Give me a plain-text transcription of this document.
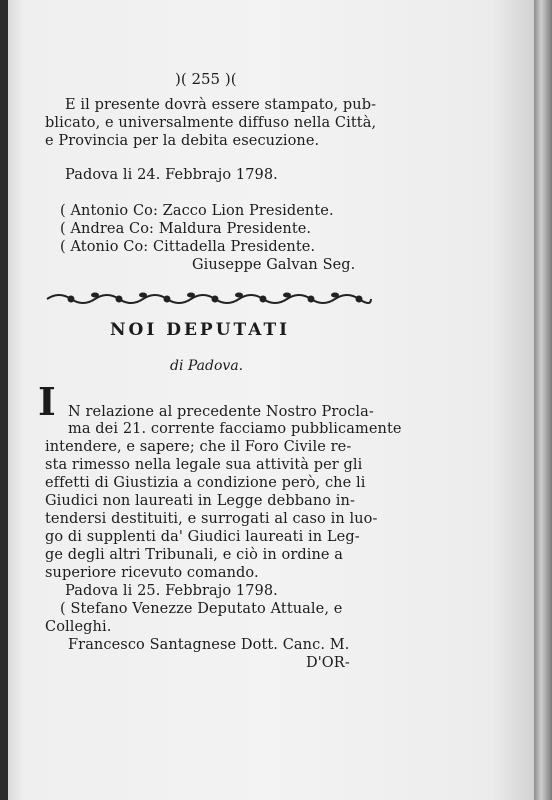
)( 255 )(
E il presente dovrà essere stampato, pub-
blicato, e universalmente diffuso nella Città,
e Provincia per la debita esecuzione.
Padova li 24. Febbrajo 1798.
( Antonio Co: Zacco Lion Presidente.
( Andrea Co: Maldura Presidente.
( Atonio Co: Cittadella Presidente.
Giuseppe Galvan Seg.
NOI DEPUTATI
di Padova.
I N relazione al precedente Nostro Procla-
ma dei 21. corrente facciamo pubblicamente
intendere, e sapere; che il Foro Civile re-
sta rimesso nella legale sua attività per gli
effetti di Giustizia a condizione però, che li
Giudici non laureati in Legge debbano in-
tendersi destituiti, e surrogati al caso in luo-
go di supplenti da' Giudici laureati in Leg-
ge degli altri Tribunali, e ciò in ordine a
superiore ricevuto comando.
Padova li 25. Febbrajo 1798.
( Stefano Venezze Deputato Attuale, e
Colleghi.
Francesco Santagnese Dott. Canc. M.
D'OR-
